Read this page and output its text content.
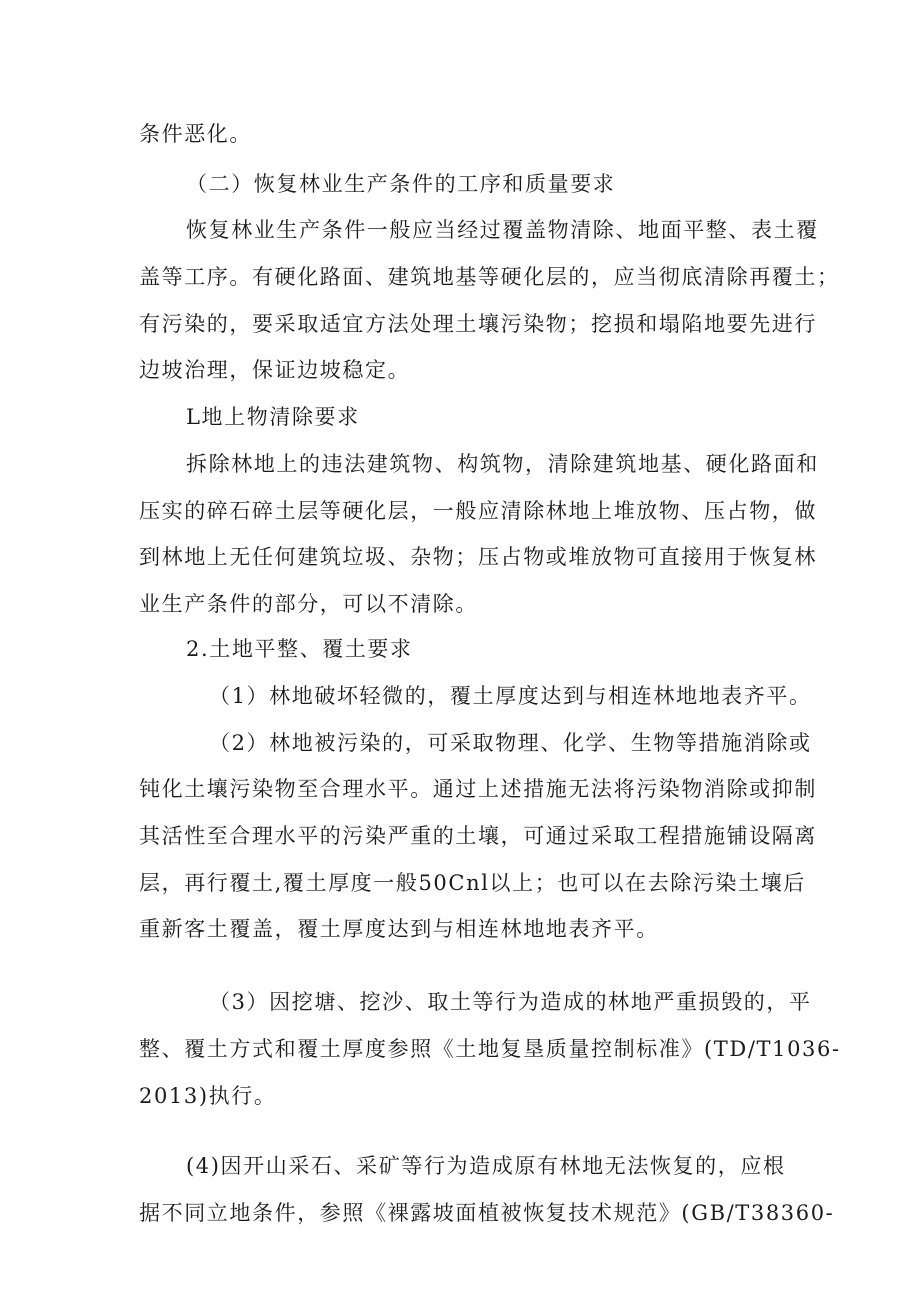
条件恶化。
（二）恢复林业生产条件的工序和质量要求
恢复林业生产条件一般应当经过覆盖物清除、地面平整、表土覆
盖等工序。有硬化路面、建筑地基等硬化层的，应当彻底清除再覆土；
有污染的，要采取适宜方法处理土壤污染物；挖损和塌陷地要先进行
边坡治理，保证边坡稳定。
L地上物清除要求
拆除林地上的违法建筑物、构筑物，清除建筑地基、硬化路面和
压实的碎石碎土层等硬化层，一般应清除林地上堆放物、压占物，做
到林地上无任何建筑垃圾、杂物；压占物或堆放物可直接用于恢复林
业生产条件的部分，可以不清除。
2.土地平整、覆土要求
（1）林地破坏轻微的，覆土厚度达到与相连林地地表齐平。
（2）林地被污染的，可采取物理、化学、生物等措施消除或
钝化土壤污染物至合理水平。通过上述措施无法将污染物消除或抑制
其活性至合理水平的污染严重的土壤，可通过采取工程措施铺设隔离
层，再行覆土,覆土厚度一般50Cnl以上；也可以在去除污染土壤后
重新客土覆盖，覆土厚度达到与相连林地地表齐平。
（3）因挖塘、挖沙、取土等行为造成的林地严重损毁的，平
整、覆土方式和覆土厚度参照《土地复垦质量控制标准》(TD/T1036-
2013)执行。
(4)因开山采石、采矿等行为造成原有林地无法恢复的，应根
据不同立地条件，参照《裸露坡面植被恢复技术规范》(GB/T38360-
